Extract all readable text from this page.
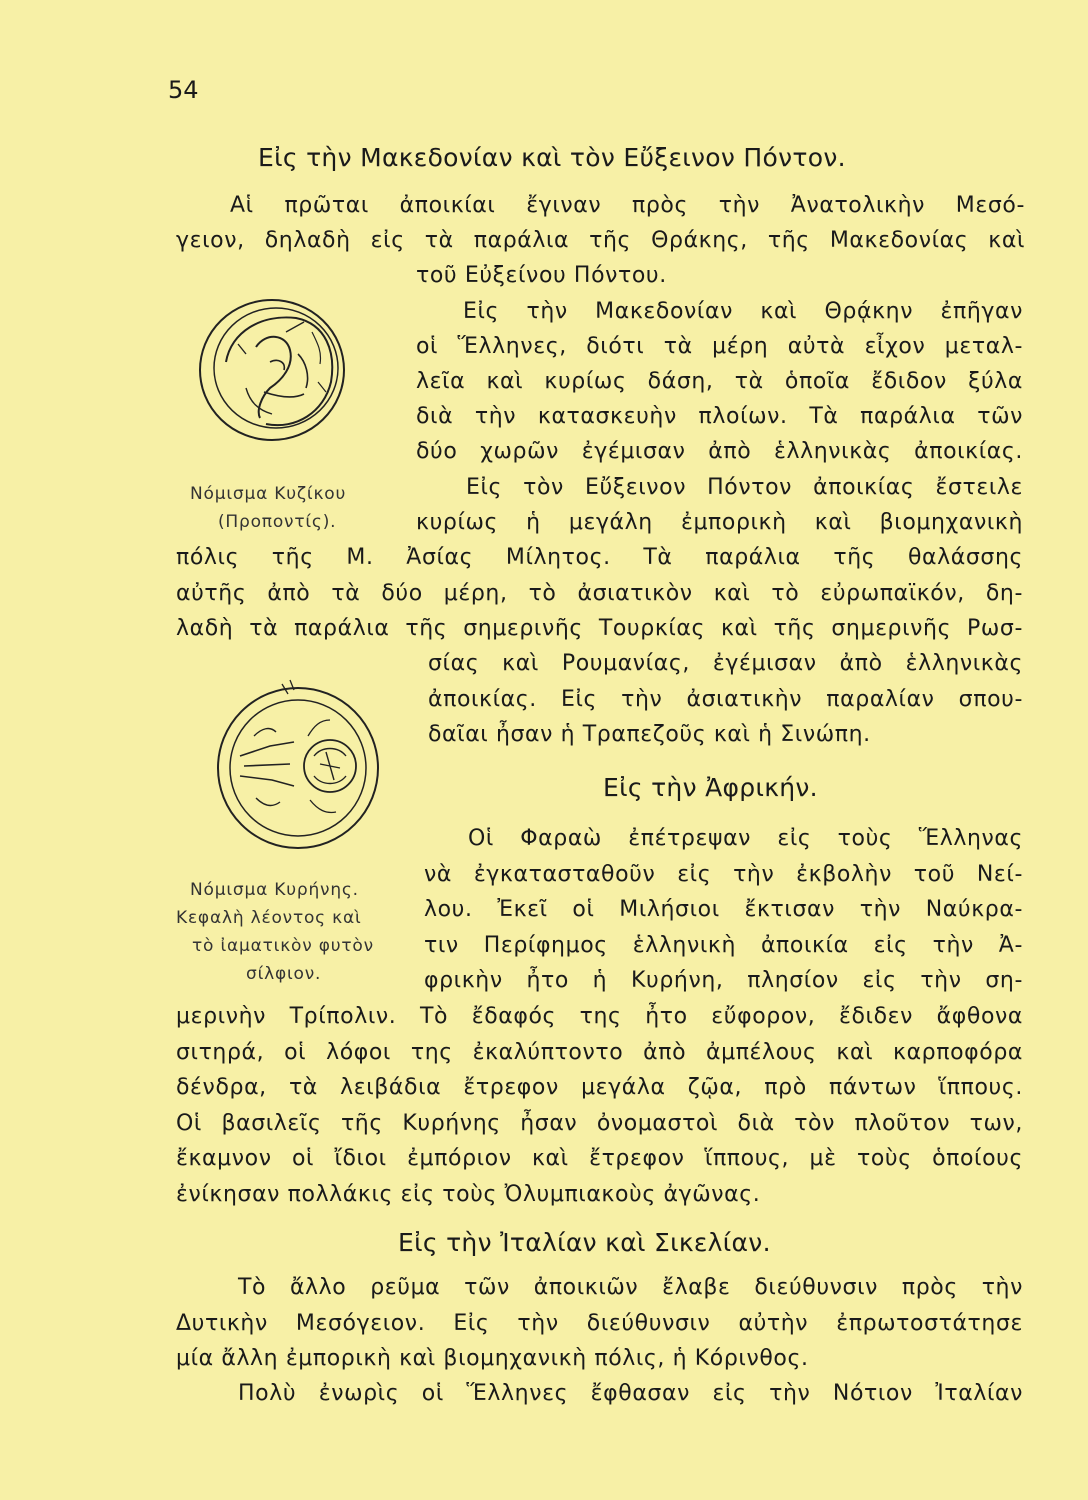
54
Εἰς τὴν Μακεδονίαν καὶ τὸν Εὔξεινον Πόντον.
Αἱ πρῶται ἀποικίαι ἔγιναν πρὸς τὴν Ἀνατολικὴν Μεσό-
γειον, δηλαδὴ εἰς τὰ παράλια τῆς Θράκης, τῆς Μακεδονίας καὶ
τοῦ Εὐξείνου Πόντου.
Εἰς τὴν Μακεδονίαν καὶ Θρᾴκην ἐπῆγαν
οἱ Ἕλληνες, διότι τὰ μέρη αὐτὰ εἶχον μεταλ-
λεῖα καὶ κυρίως δάση, τὰ ὁποῖα ἔδιδον ξύλα
διὰ τὴν κατασκευὴν πλοίων. Τὰ παράλια τῶν
δύο χωρῶν ἐγέμισαν ἀπὸ ἑλληνικὰς ἀποικίας.
Εἰς τὸν Εὔξεινον Πόντον ἀποικίας ἔστειλε
κυρίως ἡ μεγάλη ἐμπορικὴ καὶ βιομηχανικὴ
πόλις τῆς Μ. Ἀσίας Μίλητος. Τὰ παράλια τῆς θαλάσσης
αὐτῆς ἀπὸ τὰ δύο μέρη, τὸ ἀσιατικὸν καὶ τὸ εὐρωπαϊκόν, δη-
λαδὴ τὰ παράλια τῆς σημερινῆς Τουρκίας καὶ τῆς σημερινῆς Ρωσ-
σίας καὶ Ρουμανίας, ἐγέμισαν ἀπὸ ἑλληνικὰς
ἀποικίας. Εἰς τὴν ἀσιατικὴν παραλίαν σπου-
δαῖαι ἦσαν ἡ Τραπεζοῦς καὶ ἡ Σινώπη.
Εἰς τὴν Ἀφρικήν.
Οἱ Φαραὼ ἐπέτρεψαν εἰς τοὺς Ἕλληνας
νὰ ἐγκατασταθοῦν εἰς τὴν ἐκβολὴν τοῦ Νεί-
λου. Ἐκεῖ οἱ Μιλήσιοι ἔκτισαν τὴν Ναύκρα-
τιν Περίφημος ἑλληνικὴ ἀποικία εἰς τὴν Ἀ-
φρικὴν ἦτο ἡ Κυρήνη, πλησίον εἰς τὴν ση-
μερινὴν Τρίπολιν. Τὸ ἔδαφός της ἦτο εὔφορον, ἔδιδεν ἄφθονα
σιτηρά, οἱ λόφοι της ἐκαλύπτοντο ἀπὸ ἀμπέλους καὶ καρποφόρα
δένδρα, τὰ λειβάδια ἔτρεφον μεγάλα ζῷα, πρὸ πάντων ἵππους.
Οἱ βασιλεῖς τῆς Κυρήνης ἦσαν ὀνομαστοὶ διὰ τὸν πλοῦτον των,
ἔκαμνον οἱ ἴδιοι ἐμπόριον καὶ ἔτρεφον ἵππους, μὲ τοὺς ὁποίους
ἐνίκησαν πολλάκις εἰς τοὺς Ὀλυμπιακοὺς ἀγῶνας.
Εἰς τὴν Ἰταλίαν καὶ Σικελίαν.
Τὸ ἄλλο ρεῦμα τῶν ἀποικιῶν ἔλαβε διεύθυνσιν πρὸς τὴν
Δυτικὴν Μεσόγειον. Εἰς τὴν διεύθυνσιν αὐτὴν ἐπρωτοστάτησε
μία ἄλλη ἐμπορικὴ καὶ βιομηχανικὴ πόλις, ἡ Κόρινθος.
Πολὺ ἐνωρὶς οἱ Ἕλληνες ἔφθασαν εἰς τὴν Νότιον Ἰταλίαν
Νόμισμα Κυζίκου
(Προποντίς).
Νόμισμα Κυρήνης.
Κεφαλὴ λέοντος καὶ
τὸ ἰαματικὸν φυτὸν
σίλφιον.
